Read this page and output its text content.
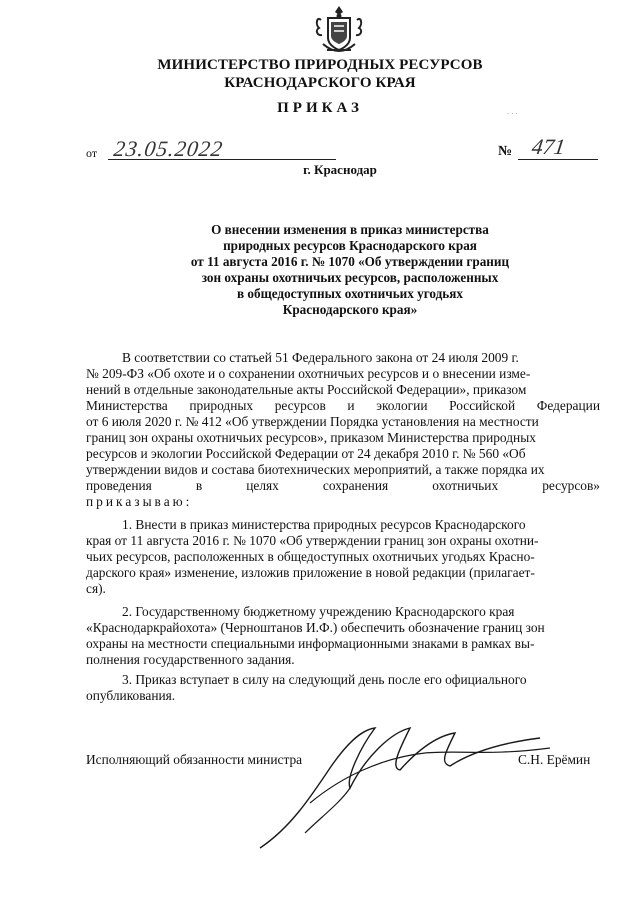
МИНИСТЕРСТВО ПРИРОДНЫХ РЕСУРСОВ
КРАСНОДАРСКОГО КРАЯ
ПРИКАЗ	· · ·
от 23.05.2022	№ 471
г. Краснодар
О внесении изменения в приказ министерства
природных ресурсов Краснодарского края
от 11 августа 2016 г. № 1070 «Об утверждении границ
зон охраны охотничьих ресурсов, расположенных
в общедоступных охотничьих угодьях
Краснодарского края»
В соответствии со статьей 51 Федерального закона от 24 июля 2009 г.
№ 209-ФЗ «Об охоте и о сохранении охотничьих ресурсов и о внесении изме-
нений в отдельные законодательные акты Российской Федерации», приказом
Министерства природных ресурсов и экологии Российской Федерации
от 6 июля 2020 г. № 412 «Об утверждении Порядка установления на местности
границ зон охраны охотничьих ресурсов», приказом Министерства природных
ресурсов и экологии Российской Федерации от 24 декабря 2010 г. № 560 «Об
утверждении видов и состава биотехнических мероприятий, а также порядка их
проведения в целях сохранения охотничьих ресурсов»
приказываю:
1. Внести в приказ министерства природных ресурсов Краснодарского
края от 11 августа 2016 г. № 1070 «Об утверждении границ зон охраны охотни-
чьих ресурсов, расположенных в общедоступных охотничьих угодьях Красно-
дарского края» изменение, изложив приложение в новой редакции (прилагает-
ся).
2. Государственному бюджетному учреждению Краснодарского края
«Краснодаркрайохота» (Черноштанов И.Ф.) обеспечить обозначение границ зон
охраны на местности специальными информационными знаками в рамках вы-
полнения государственного задания.
3. Приказ вступает в силу на следующий день после его официального
опубликования.
Исполняющий обязанности министра	С.Н. Ерёмин
